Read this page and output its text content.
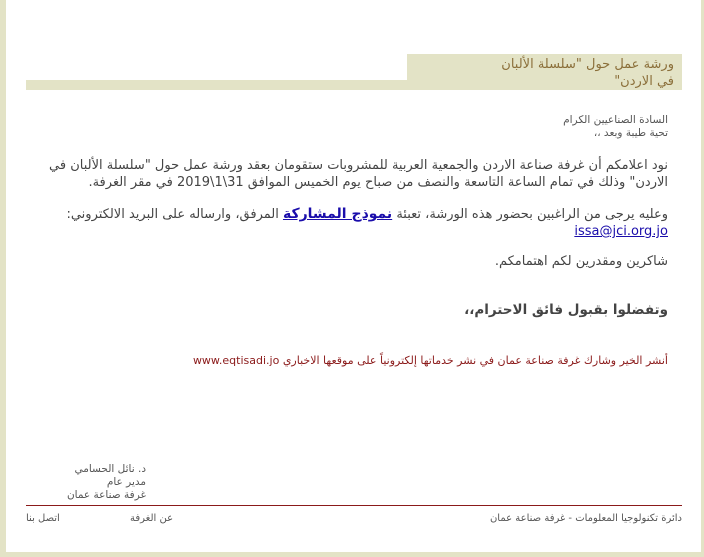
ورشة عمل حول "سلسلة الألبان
في الاردن"
السادة الصناعيين الكرام
تحية طيبة وبعد ،،
نود اعلامكم أن غرفة صناعة الاردن والجمعية العربية للمشروبات ستقومان بعقد ورشة عمل حول "سلسلة الألبان في الاردن" وذلك في تمام الساعة التاسعة والنصف من صباح يوم الخميس الموافق 31\1\2019 في مقر الغرفة.
وعليه يرجى من الراغبين بحضور هذه الورشة، تعبئة نموذج المشاركة المرفق، وارساله على البريد الالكتروني: issa@jci.org.jo
شاكرين ومقدرين لكم اهتمامكم.
وتفضلوا بقبول فائق الاحترام،،
أنشر الخير وشارك غرفة صناعة عمان في نشر خدماتها إلكترونياً على موقعها الاخباري www.eqtisadi.jo
د. نائل الحسامي
مدير عام
غرفة صناعة عمان
دائرة تكنولوجيا المعلومات - غرفة صناعة عمان
عن الغرفة
اتصل بنا
